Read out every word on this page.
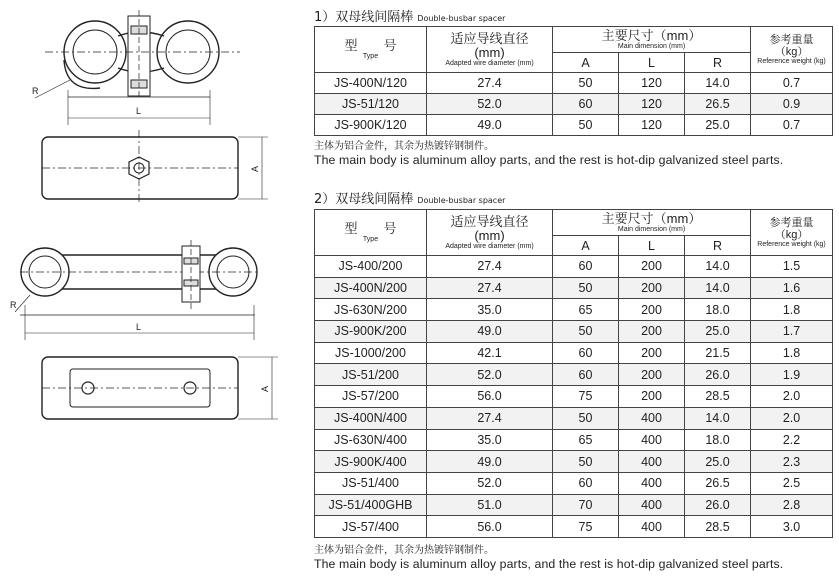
R
L
A
R
L
A
1）双母线间隔棒 Double-busbar spacer
型　　号
Type	适应导线直径
(mm)
Adapted wire diameter (mm)	主要尺寸（mm）
Main dimension (mm)			参考重量
（kg）
Reference weight (kg)

		A	L	R	
JS-400N/120	27.4	50	120	14.0	0.7
JS-51/120	52.0	60	120	26.5	0.9
JS-900K/120	49.0	50	120	25.0	0.7
主体为铝合金件，其余为热镀锌钢制件。
The main body is aluminum alloy parts, and the rest is hot-dip galvanized steel parts.
2）双母线间隔棒 Double-busbar spacer
型　　号
Type	适应导线直径
(mm)
Adapted wire diameter (mm)	主要尺寸（mm）
Main dimension (mm)			参考重量
（kg）
Reference weight (kg)

		A	L	R	
JS-400/200	27.4	60	200	14.0	1.5
JS-400N/200	27.4	50	200	14.0	1.6
JS-630N/200	35.0	65	200	18.0	1.8
JS-900K/200	49.0	50	200	25.0	1.7
JS-1000/200	42.1	60	200	21.5	1.8
JS-51/200	52.0	60	200	26.0	1.9
JS-57/200	56.0	75	200	28.5	2.0
JS-400N/400	27.4	50	400	14.0	2.0
JS-630N/400	35.0	65	400	18.0	2.2
JS-900K/400	49.0	50	400	25.0	2.3
JS-51/400	52.0	60	400	26.5	2.5
JS-51/400GHB	51.0	70	400	26.0	2.8
JS-57/400	56.0	75	400	28.5	3.0
主体为铝合金件，其余为热镀锌钢制件。
The main body is aluminum alloy parts, and the rest is hot-dip galvanized steel parts.
